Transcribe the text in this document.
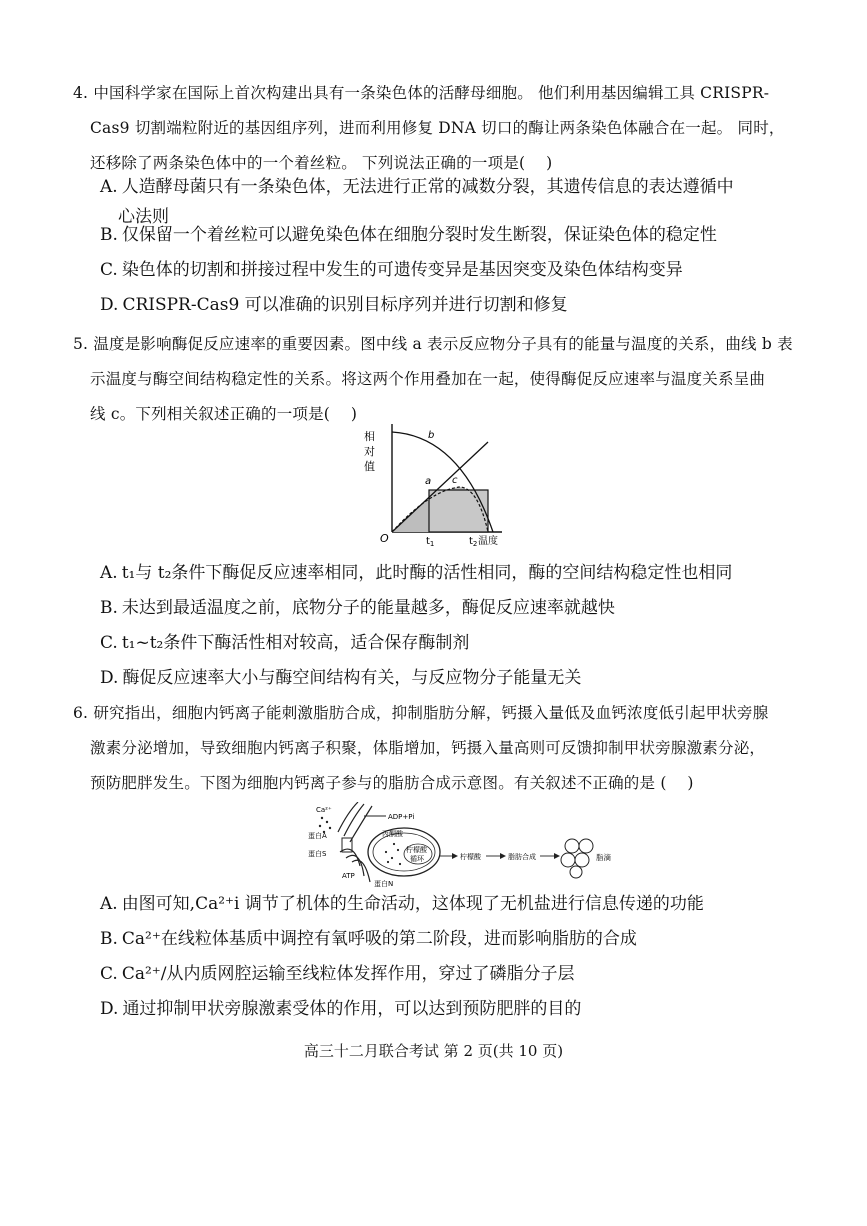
4. 中国科学家在国际上首次构建出具有一条染色体的活酵母细胞。 他们利用基因编辑工具 CRISPR-
Cas9 切割端粒附近的基因组序列，进而利用修复 DNA 切口的酶让两条染色体融合在一起。 同时，
还移除了两条染色体中的一个着丝粒。 下列说法正确的一项是(　 )
A. 人造酵母菌只有一条染色体，无法进行正常的减数分裂，其遗传信息的表达遵循中
心法则
B. 仅保留一个着丝粒可以避免染色体在细胞分裂时发生断裂，保证染色体的稳定性
C. 染色体的切割和拼接过程中发生的可遗传变异是基因突变及染色体结构变异
D. CRISPR-Cas9 可以准确的识别目标序列并进行切割和修复
5. 温度是影响酶促反应速率的重要因素。图中线 a 表示反应物分子具有的能量与温度的关系，曲线 b 表
示温度与酶空间结构稳定性的关系。将这两个作用叠加在一起，使得酶促反应速率与温度关系呈曲
线 c。下列相关叙述正确的一项是(　 )
相
对
值
O
a
b
c
$t_1$	$t_2$ 温度
A. t₁与 t₂条件下酶促反应速率相同，此时酶的活性相同，酶的空间结构稳定性也相同
B. 未达到最适温度之前，底物分子的能量越多，酶促反应速率就越快
C. t₁~t₂条件下酶活性相对较高，适合保存酶制剂
D. 酶促反应速率大小与酶空间结构有关，与反应物分子能量无关
6. 研究指出，细胞内钙离子能刺激脂肪合成，抑制脂肪分解，钙摄入量低及血钙浓度低引起甲状旁腺
激素分泌增加，导致细胞内钙离子积聚，体脂增加，钙摄入量高则可反馈抑制甲状旁腺激素分泌，
预防肥胖发生。下图为细胞内钙离子参与的脂肪合成示意图。有关叙述不正确的是 (　 )
Ca²⁺
蛋白A
蛋白S
ADP+Pi
ATP
丙酮酸
柠檬酸
循环
蛋白N
柠檬酸	脂肪合成	脂滴
A. 由图可知,Ca²⁺i 调节了机体的生命活动，这体现了无机盐进行信息传递的功能
B. Ca²⁺在线粒体基质中调控有氧呼吸的第二阶段，进而影响脂肪的合成
C. Ca²⁺/从内质网腔运输至线粒体发挥作用，穿过了磷脂分子层
D. 通过抑制甲状旁腺激素受体的作用，可以达到预防肥胖的目的
高三十二月联合考试 第 2 页(共 10 页)
